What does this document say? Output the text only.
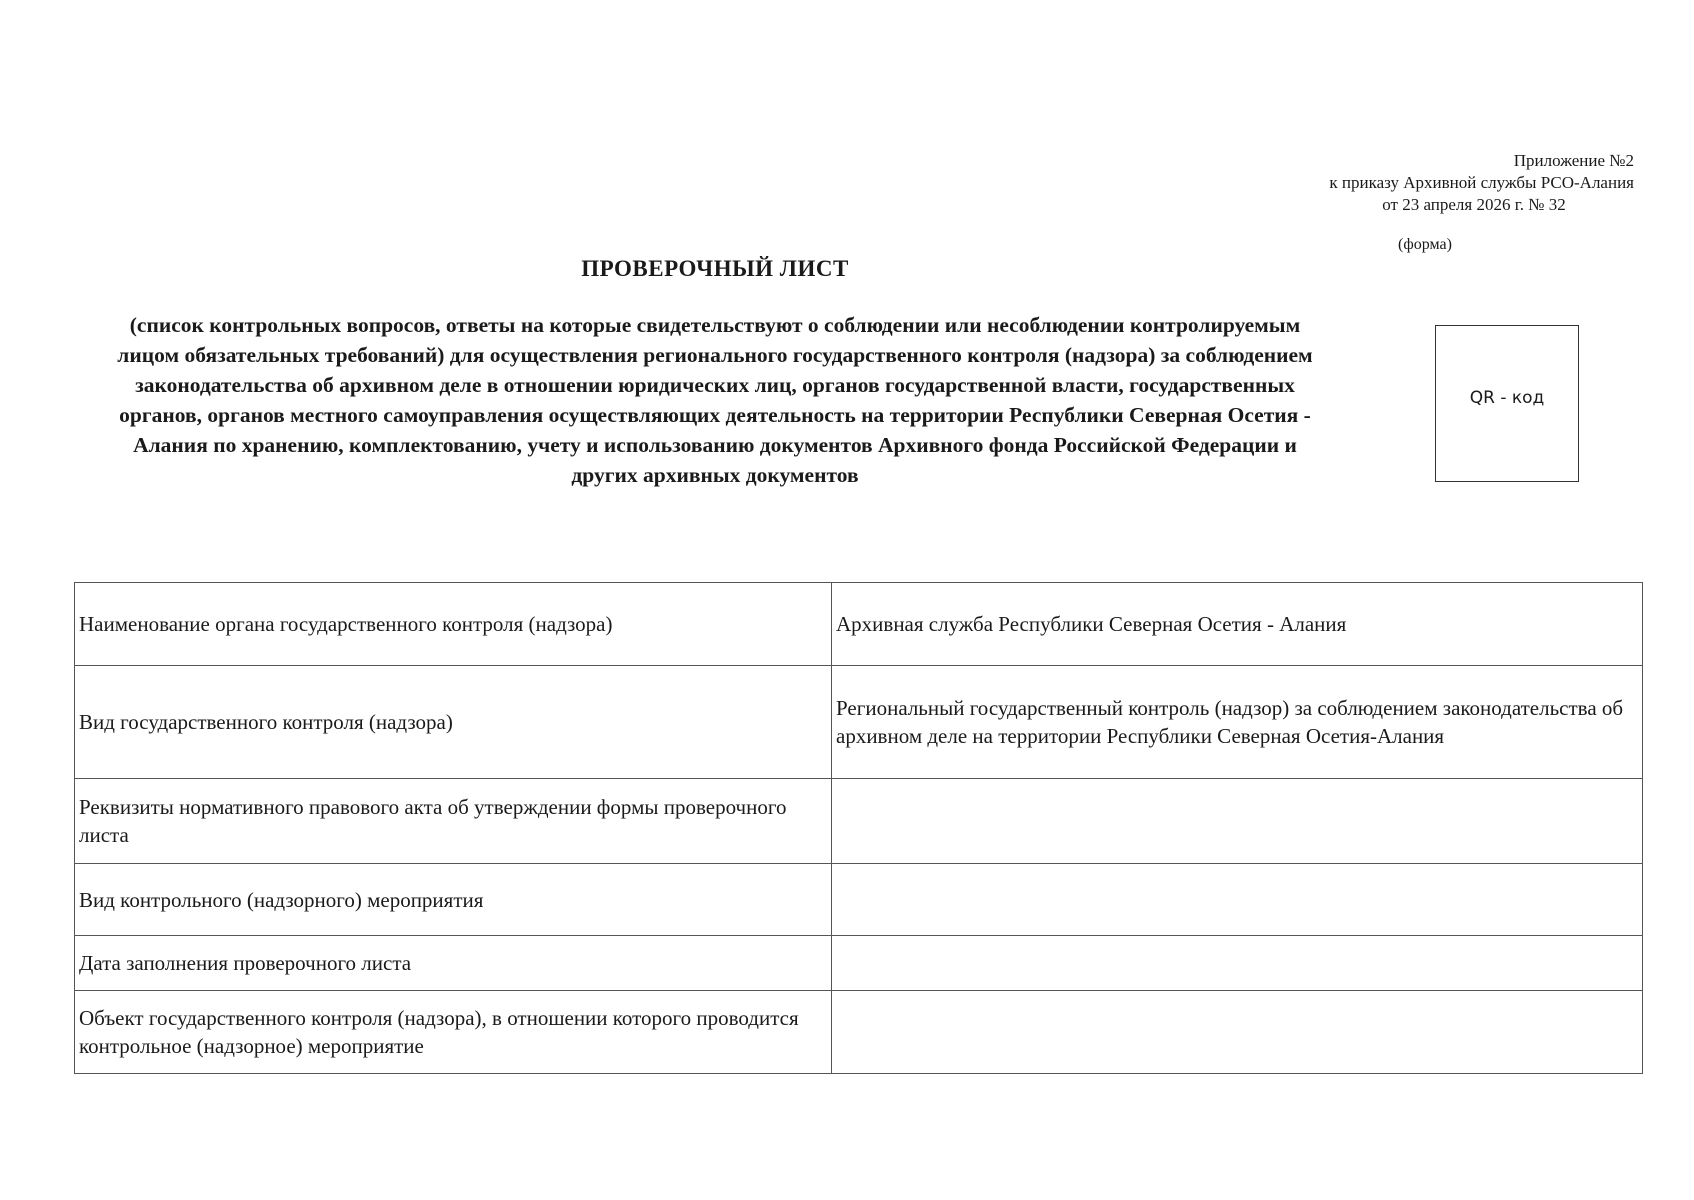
Приложение №2
к приказу Архивной службы РСО-Алания
от 23 апреля 2026 г. № 32
(форма)
ПРОВЕРОЧНЫЙ ЛИСТ
(список контрольных вопросов, ответы на которые свидетельствуют о соблюдении или несоблюдении контролируемым лицом обязательных требований) для осуществления регионального государственного контроля (надзора) за соблюдением законодательства об архивном деле в отношении юридических лиц, органов государственной власти, государственных органов, органов местного самоуправления осуществляющих деятельность на территории Республики Северная Осетия - Алания по хранению, комплектованию, учету и использованию документов Архивного фонда Российской Федерации и других архивных документов
QR - код
Наименование органа государственного контроля (надзора)	Архивная служба Республики Северная Осетия - Алания
Вид государственного контроля (надзора)	Региональный государственный контроль (надзор) за соблюдением законодательства об архивном деле на территории Республики Северная Осетия-Алания
Реквизиты нормативного правового акта об утверждении формы проверочного листа	
Вид контрольного (надзорного) мероприятия	
Дата заполнения проверочного листа	
Объект государственного контроля (надзора), в отношении которого проводится контрольное (надзорное) мероприятие	
